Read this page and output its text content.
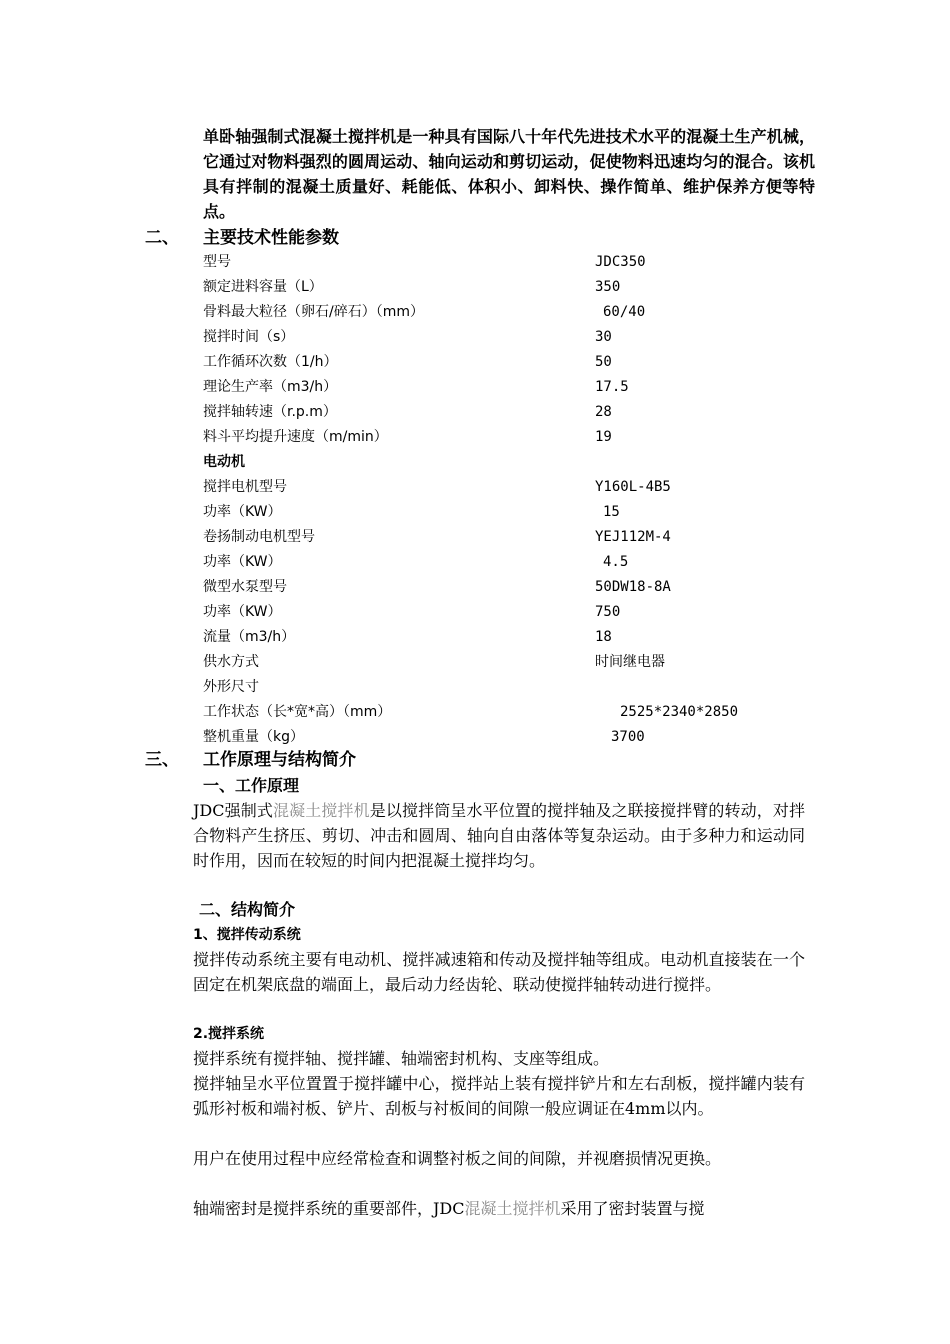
单卧轴强制式混凝土搅拌机是一种具有国际八十年代先进技术水平的混凝土生产机械，它通过对物料强烈的圆周运动、轴向运动和剪切运动，促使物料迅速均匀的混合。该机具有拌制的混凝土质量好、耗能低、体积小、卸料快、操作简单、维护保养方便等特点。

二、 主要技术性能参数
型号	JDC350
额定进料容量（L）	350
骨料最大粒径（卵石/碎石）（mm）	60/40
搅拌时间（s）	30
工作循环次数（1/h）	50
理论生产率（m3/h）	17.5
搅拌轴转速（r.p.m）	28
料斗平均提升速度（m/min）	19
电动机
搅拌电机型号	Y160L-4B5
功率（KW）	15
卷扬制动电机型号	YEJ112M-4
功率（KW）	4.5
微型水泵型号	50DW18-8A
功率（KW）	750
流量（m3/h）	18
供水方式	时间继电器
外形尺寸
工作状态（长*宽*高）（mm）	2525*2340*2850
整机重量（kg）	3700
三、 工作原理与结构简介
一、工作原理

JDC强制式混凝土搅拌机是以搅拌筒呈水平位置的搅拌轴及之联接搅拌臂的转动，对拌合物料产生挤压、剪切、冲击和圆周、轴向自由落体等复杂运动。由于多种力和运动同时作用，因而在较短的时间内把混凝土搅拌均匀。

二、结构简介
1、搅拌传动系统

搅拌传动系统主要有电动机、搅拌减速箱和传动及搅拌轴等组成。电动机直接装在一个固定在机架底盘的端面上，最后动力经齿轮、联动使搅拌轴转动进行搅拌。

2.搅拌系统

搅拌系统有搅拌轴、搅拌罐、轴端密封机构、支座等组成。

搅拌轴呈水平位置置于搅拌罐中心，搅拌站上装有搅拌铲片和左右刮板，搅拌罐内装有弧形衬板和端衬板、铲片、刮板与衬板间的间隙一般应调证在4mm以内。

用户在使用过程中应经常检查和调整衬板之间的间隙，并视磨损情况更换。

轴端密封是搅拌系统的重要部件，JDC混凝土搅拌机采用了密封装置与搅
